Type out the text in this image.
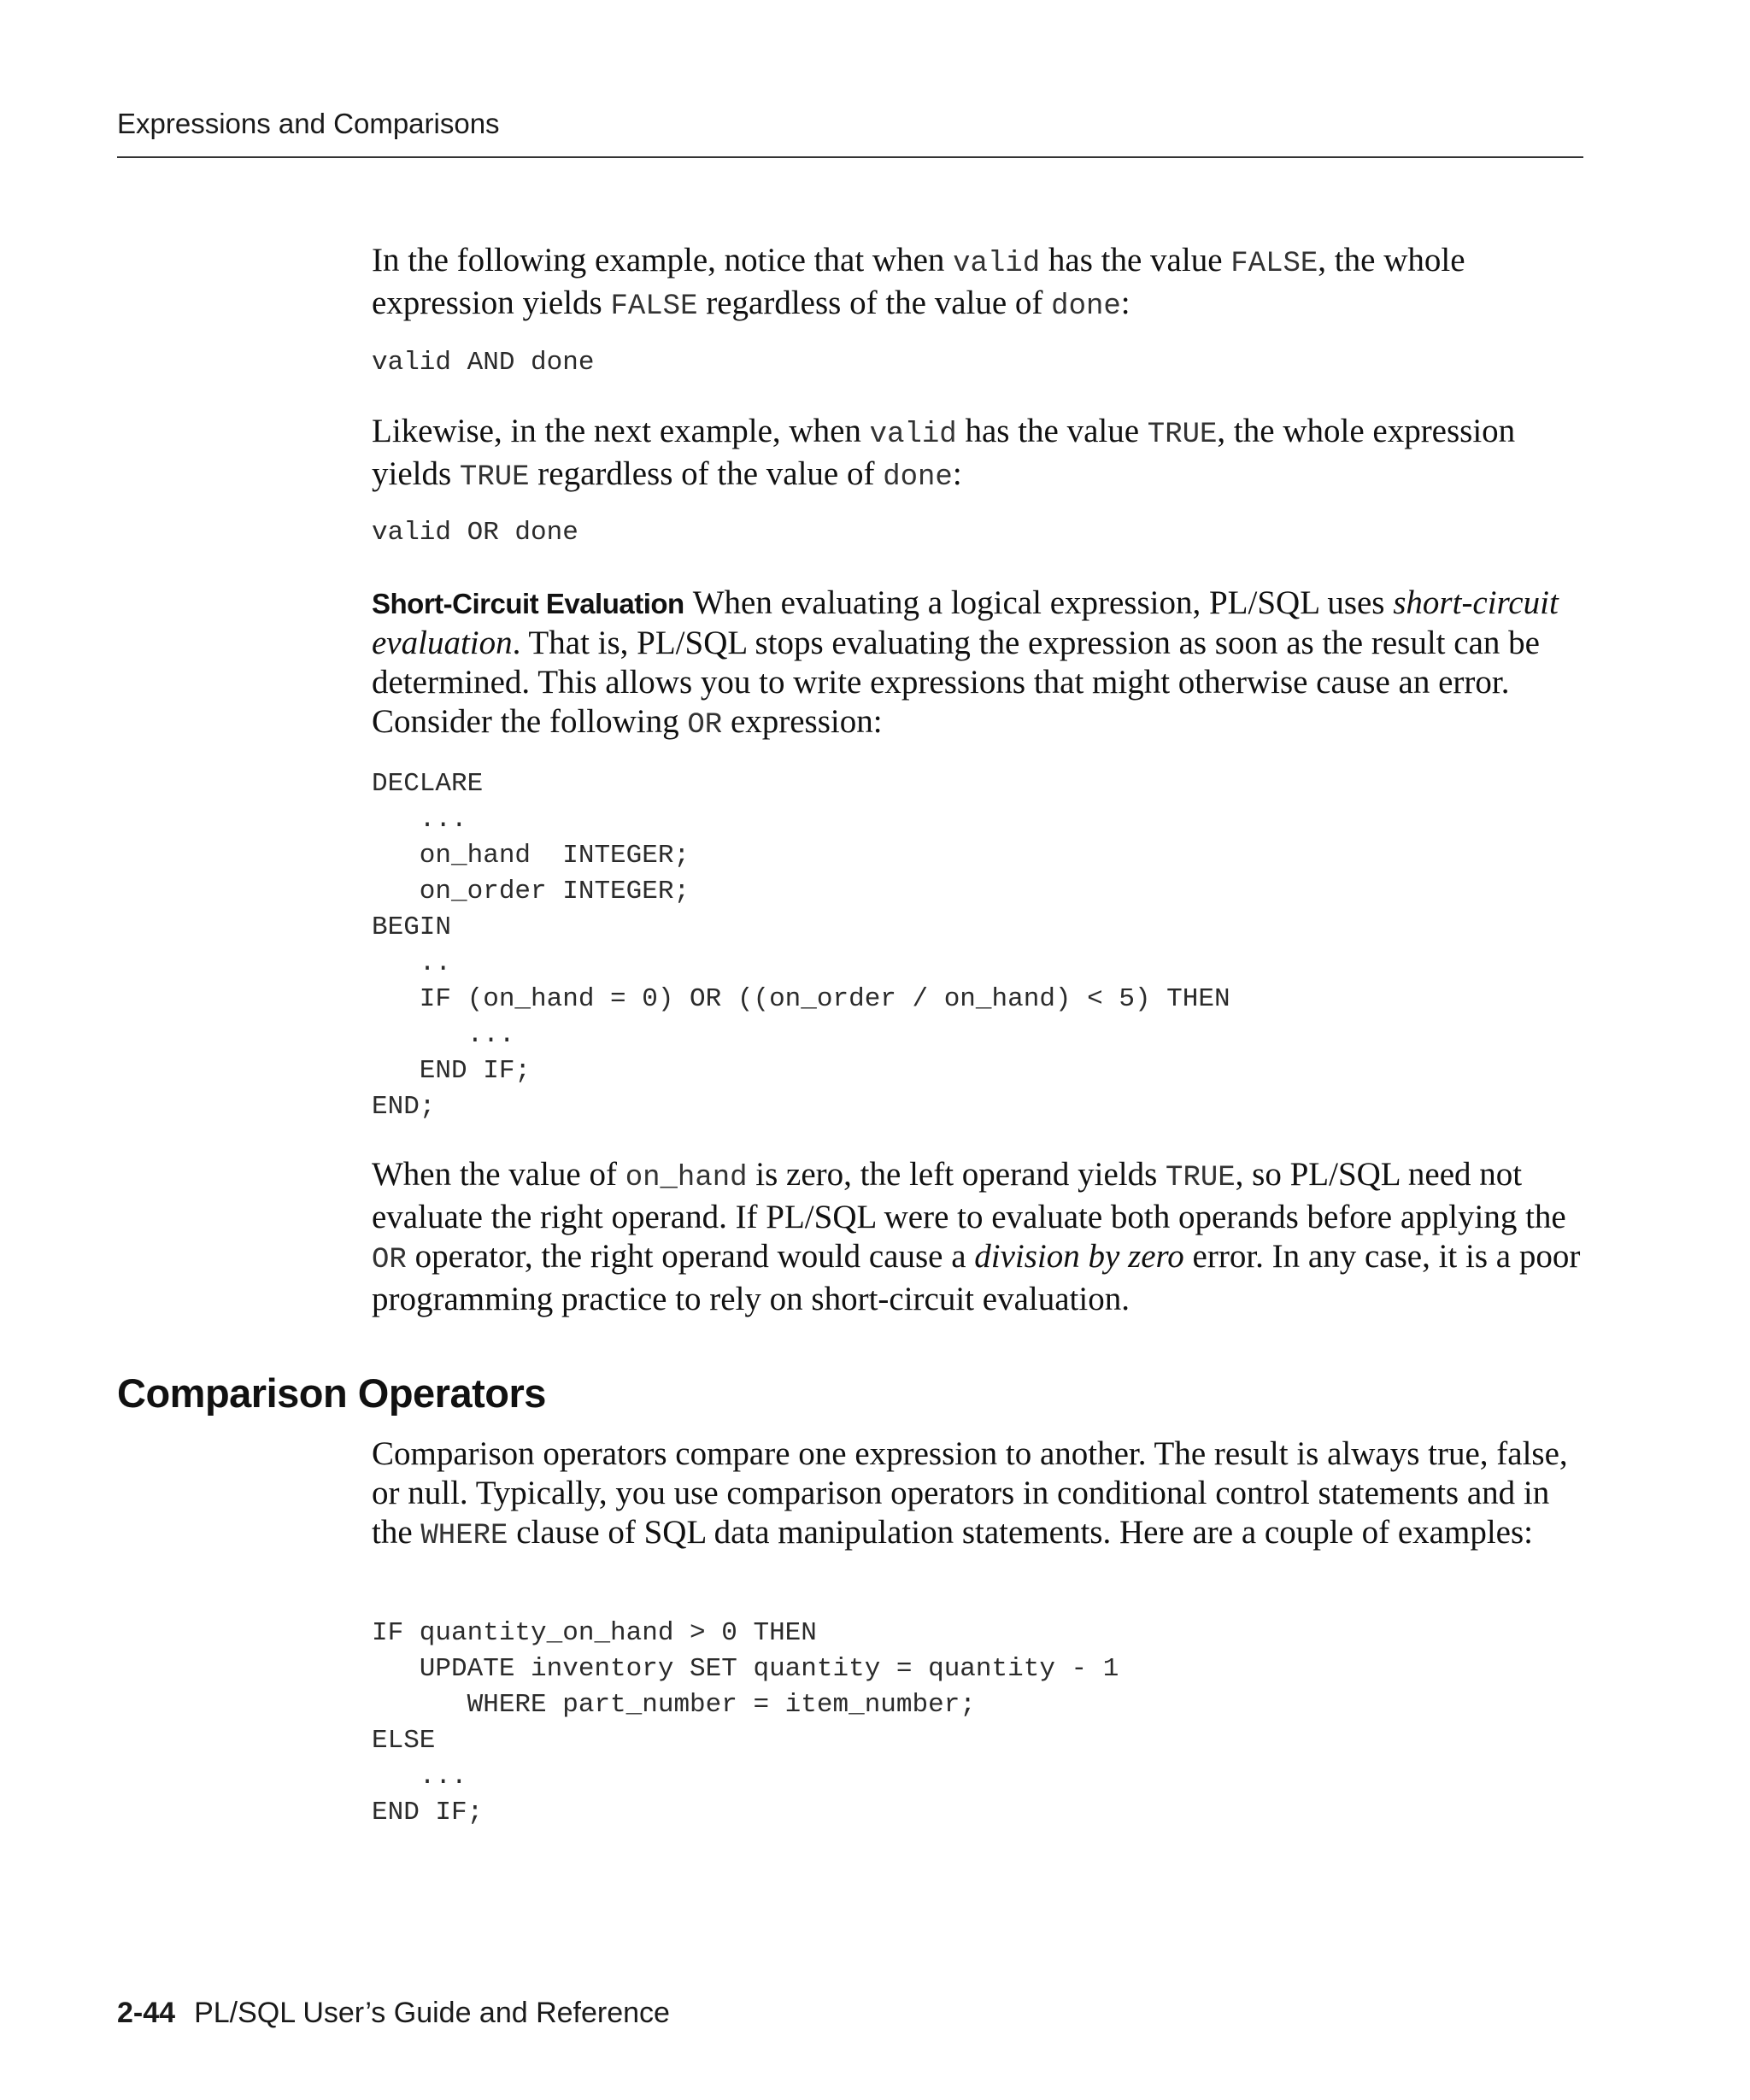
Expressions and Comparisons

In the following example, notice that when valid has the value FALSE, the whole expression yields FALSE regardless of the value of done:

valid AND done

Likewise, in the next example, when valid has the value TRUE, the whole expression yields TRUE regardless of the value of done:

valid OR done

Short-Circuit Evaluation When evaluating a logical expression, PL/SQL uses short-circuit evaluation. That is, PL/SQL stops evaluating the expression as soon as the result can be determined. This allows you to write expressions that might otherwise cause an error. Consider the following OR expression:

DECLARE
...
on_hand  INTEGER;
on_order INTEGER;
BEGIN
..
IF (on_hand = 0) OR ((on_order / on_hand) < 5) THEN
...
END IF;
END;

When the value of on_hand is zero, the left operand yields TRUE, so PL/SQL need not evaluate the right operand. If PL/SQL were to evaluate both operands before applying the OR operator, the right operand would cause a division by zero error. In any case, it is a poor programming practice to rely on short-circuit evaluation.

Comparison Operators

Comparison operators compare one expression to another. The result is always true, false, or null. Typically, you use comparison operators in conditional control statements and in the WHERE clause of SQL data manipulation statements. Here are a couple of examples:

IF quantity_on_hand > 0 THEN
UPDATE inventory SET quantity = quantity - 1
WHERE part_number = item_number;
ELSE
...
END IF;
2-44 PL/SQL User’s Guide and Reference
